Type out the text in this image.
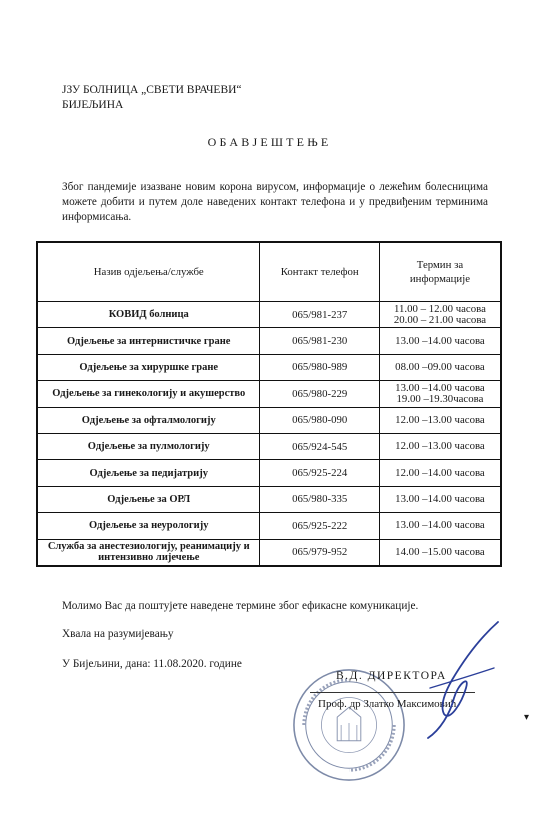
ЈЗУ БОЛНИЦА „СВЕТИ ВРАЧЕВИ“
БИЈЕЉИНА
ОБАВЈЕШТЕЊЕ
Због пандемије изазване новим корона вирусом, информације о лежећим болесницима можете добити и путем доле наведених контакт телефона и у предвиђеним терминима информисања.
Назив одјељења/службе	Контакт телефон	Термин за
информације
КОВИД болница	065/981-237	11.00 – 12.00 часова
20.00 – 21.00 часова
Одјељење за интернистичке гране	065/981-230	13.00 –14.00 часова
Одјељење за хируршке гране	065/980-989	08.00 –09.00 часова
Одјељење за гинекологију и акушерство	065/980-229	13.00 –14.00 часова
19.00 –19.30часова
Одјељење за офталмологију	065/980-090	12.00 –13.00 часова
Одјељење за пулмологију	065/924-545	12.00 –13.00 часова
Одјељење за педијатрију	065/925-224	12.00 –14.00 часова
Одјељење за ОРЛ	065/980-335	13.00 –14.00 часова
Одјељење за неурологију	065/925-222	13.00 –14.00 часова
Служба за анестезиологију, реанимацију и интензивно лијечење	065/979-952	14.00 –15.00 часова
Молимо Вас да поштујете наведене термине због ефикасне комуникације.
Хвала на разумијевању
У Бијељини, дана: 11.08.2020. године
В.Д. ДИРЕКТОРА
Проф. др Златко Максимовић
▾
